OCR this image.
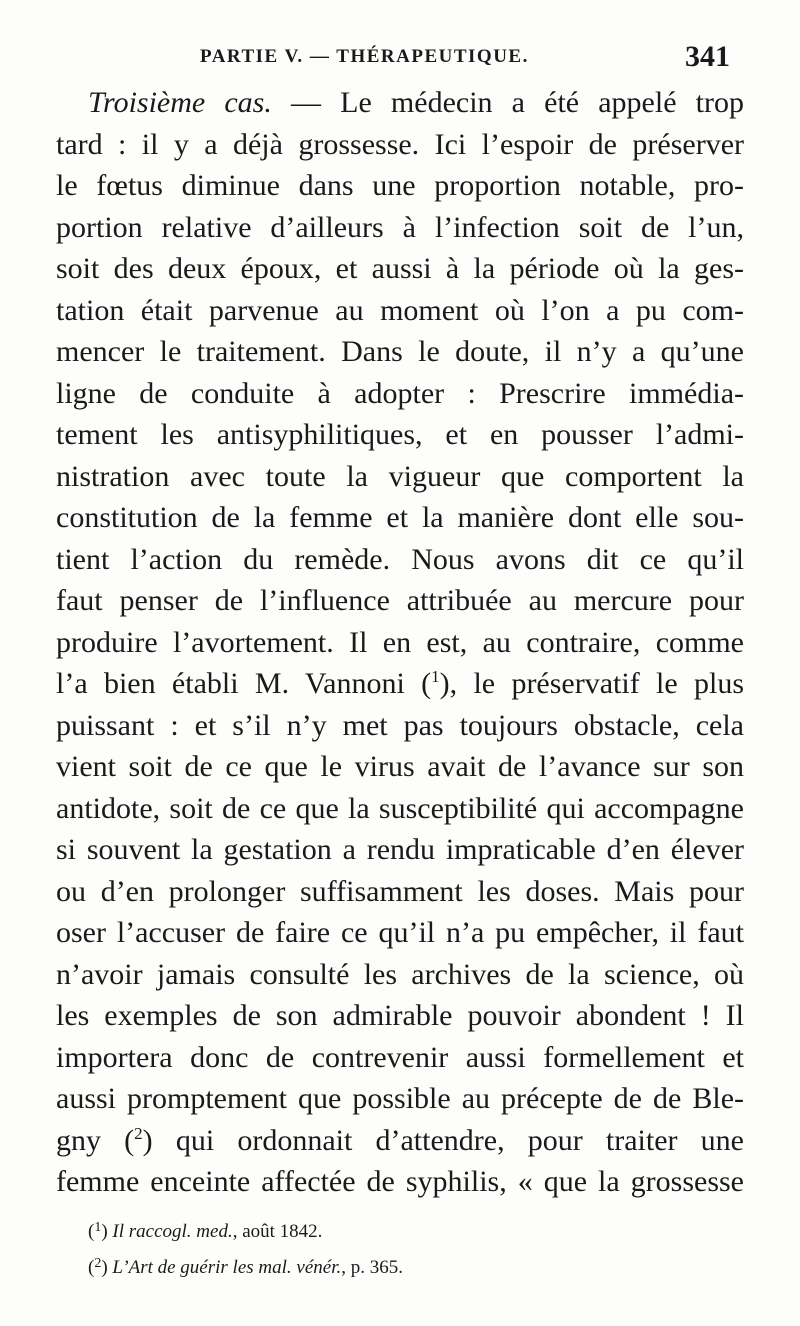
PARTIE V. — THÉRAPEUTIQUE.	341
Troisième cas. — Le médecin a été appelé trop
tard : il y a déjà grossesse. Ici l’espoir de préserver
le fœtus diminue dans une proportion notable, pro-
portion relative d’ailleurs à l’infection soit de l’un,
soit des deux époux, et aussi à la période où la ges-
tation était parvenue au moment où l’on a pu com-
mencer le traitement. Dans le doute, il n’y a qu’une
ligne de conduite à adopter : Prescrire immédia-
tement les antisyphilitiques, et en pousser l’admi-
nistration avec toute la vigueur que comportent la
constitution de la femme et la manière dont elle sou-
tient l’action du remède. Nous avons dit ce qu’il
faut penser de l’influence attribuée au mercure pour
produire l’avortement. Il en est, au contraire, comme
l’a bien établi M. Vannoni ($^1$), le préservatif le plus
puissant : et s’il n’y met pas toujours obstacle, cela
vient soit de ce que le virus avait de l’avance sur son
antidote, soit de ce que la susceptibilité qui accompagne
si souvent la gestation a rendu impraticable d’en élever
ou d’en prolonger suffisamment les doses. Mais pour
oser l’accuser de faire ce qu’il n’a pu empêcher, il faut
n’avoir jamais consulté les archives de la science, où
les exemples de son admirable pouvoir abondent ! Il
importera donc de contrevenir aussi formellement et
aussi promptement que possible au précepte de de Ble-
gny ($^2$) qui ordonnait d’attendre, pour traiter une
femme enceinte affectée de syphilis, « que la grossesse
($^1$) Il raccogl. med., août 1842.
($^2$) L’Art de guérir les mal. vénér., p. 365.
